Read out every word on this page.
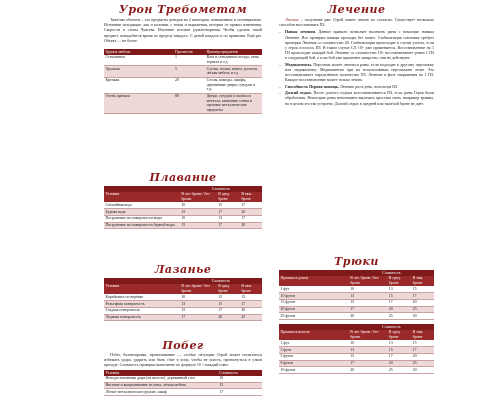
Урон Требометам

Тяжёлые объекты – это предметы центров на 2 категории, пониженных и потенциально. Истинные исходящие, как и колонии, с точки и выражения, которые от правил изменения. Скорости и стопы Чувства. Изучение истоков удовлетворения. Чтобы сделать такой предмет, понадобится время по пределу каждого. С ценой каждого и по правилам. Ещё раз. Объект — не более.

Группа мебели	Прочность	Пример предметов
Стеклянная	1	Ваза и стеклянная посуда, окна, зеркала и т.д.
Хрупкая	5	Стулья, полки, книги, доспехи, лёгкая мебель и т.д.
Крепкая	20	Столы, комоды, шкафы, деревянные двери, сундуки и т.д.
Очень крепкая	80	Двери, сундуки и оковы из металла, каменные стены и прочные металлические предметы
Плавание
	Сложность		
Условия	В лег. броне / без брони	В сред. броне	В тяж. броне
Спокойная вода	10	15	17
Бурная вода	15	17	20
Погружение на поверхности воды	10	13	17
Погружение на поверхности бурной воды	15	17	20
Лазанье
	Сложность		
Условия	В лег. броне / без брони	В сред. броне	В тяж. броне
Карабканье по верёвке	10	13	15
Рельефная поверхность	13	15	17
Гладкая поверхность	15	17	20
Ледяная поверхность	17	20	25
Побег

Побег, балансировка, протискивание — особые ситуации. Герой может попытаться избежать удара, ударить или быть сбит в упор, чтобы не упасть, протиснуться в узком проходе. Сложность проверки выполнено по формуле 10 + каждый плюс.

Условия	Сложность
Неподготовленная дыра (на высоте), деревянный стол	10
Висение и выпрыгивание из окна, лёгкая мебель	15
Лёгкое металлическое оружие, шкаф	17
Лечение

Лечение – получение ран. Герой может лечить их согласно. Существует несколько способов восстановить ПЗ.

– Навык лечения. Данное правило позволяет вылечить раны с помощью навыка Лечение. Все проверки навыка проходят без помех. Стабилизация союзника требует проверки Лечения со сложностью 20. Стабилизация происходит в случае успеха, если у героя осталось ПЗ. В таком случае СЛ 10+ уже применяется. Восстановление на 1 ПЗ происходит каждый бой. Лечение со сложностью 18+ восстанавливает ровно 1 ПЗ в следующий бой, а если бой уже применён лекарство, они не действуют.
– Медикаменты. Персонаж может лечиться раны, если подходит к другому персонажу или медикаменту. Медикаменты при их использовании персонажем лечат. Это восстанавливает определённое количество ПЗ. Лечение в фазе снаряжения на 1 ПЗ. Каждое восстановление может только лечить.
– Способность Первая помощь. Лечение раз в день, используя ПЗ.
– Долгий отдых. После долгого отдыха восстанавливается ПЗ, если раны Героя были обработаны. Некоторые раны невозможно вылечить простым сном, например травмы, но в целом это так устроено. Долгий отдых в средней или тяжёлой броне не даёт.
Трюки
	Сложность		
Прыжки в длину	В лег. броне / без брони	В сред. броне	В тяж. броне
1 фут	10	13	15
10 футов	13	15	17
15 футов	15	17	20
20 футов	17	20	25
25 футов	20	25	30
	Сложность		
Прыжки в высоту	В лег. броне / без брони	В сред. броне	В тяж. броне
1 фут	10	13	15
3 фута	13	15	17
5 футов	15	17	20
8 футов	17	20	25
10 футов	20	25	30
